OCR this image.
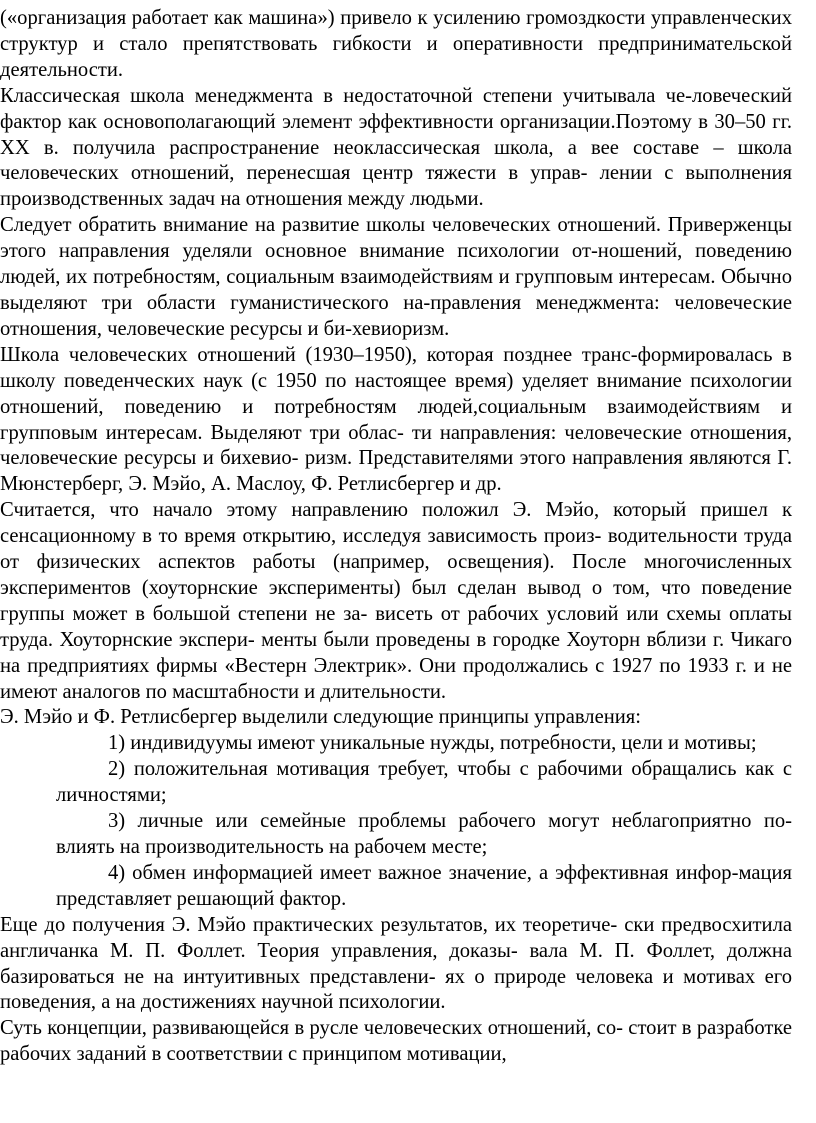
(«организация работает как машина») привело к усилению громоздкости управленческих структур и стало препятствовать гибкости и оперативности предпринимательской деятельности.

Классическая школа менеджмента в недостаточной степени учитывала че-ловеческий фактор как основополагающий элемент эффективности организации.Поэтому в 30–50 гг. XX в. получила распространение неоклассическая школа, а вее составе – школа человеческих отношений, перенесшая центр тяжести в управ- лении с выполнения производственных задач на отношения между людьми.

Следует обратить внимание на развитие школы человеческих отношений. Приверженцы этого направления уделяли основное внимание психологии от-ношений, поведению людей, их потребностям, социальным взаимодействиям и групповым интересам. Обычно выделяют три области гуманистического на-правления менеджмента: человеческие отношения, человеческие ресурсы и би-хевиоризм.

Школа человеческих отношений (1930–1950), которая позднее транс-формировалась в школу поведенческих наук (с 1950 по настоящее время) уделяет внимание психологии отношений, поведению и потребностям людей,социальным взаимодействиям и групповым интересам. Выделяют три облас- ти направления: человеческие отношения, человеческие ресурсы и бихевио- ризм. Представителями этого направления являются Г. Мюнстерберг, Э. Мэйо, А. Маслоу, Ф. Ретлисбергер и др.

Считается, что начало этому направлению положил Э. Мэйо, который пришел к сенсационному в то время открытию, исследуя зависимость произ- водительности труда от физических аспектов работы (например, освещения). После многочисленных экспериментов (хоуторнские эксперименты) был сделан вывод о том, что поведение группы может в большой степени не за- висеть от рабочих условий или схемы оплаты труда. Хоуторнские экспери- менты были проведены в городке Хоуторн вблизи г. Чикаго на предприятиях фирмы «Вестерн Электрик». Они продолжались с 1927 по 1933 г. и не имеют аналогов по масштабности и длительности.

Э. Мэйо и Ф. Ретлисбергер выделили следующие принципы управления:

1) индивидуумы имеют уникальные нужды, потребности, цели и мотивы;

2) положительная мотивация требует, чтобы с рабочими обращались как с личностями;

3) личные или семейные проблемы рабочего могут неблагоприятно по-влиять на производительность на рабочем месте;

4) обмен информацией имеет важное значение, а эффективная инфор-мация представляет решающий фактор.

Еще до получения Э. Мэйо практических результатов, их теоретиче- ски предвосхитила англичанка М. П. Фоллет. Теория управления, доказы- вала М. П. Фоллет, должна базироваться не на интуитивных представлени- ях о природе человека и мотивах его поведения, а на достижениях научной психологии.

Суть концепции, развивающейся в русле человеческих отношений, со- стоит в разработке рабочих заданий в соответствии с принципом мотивации,
